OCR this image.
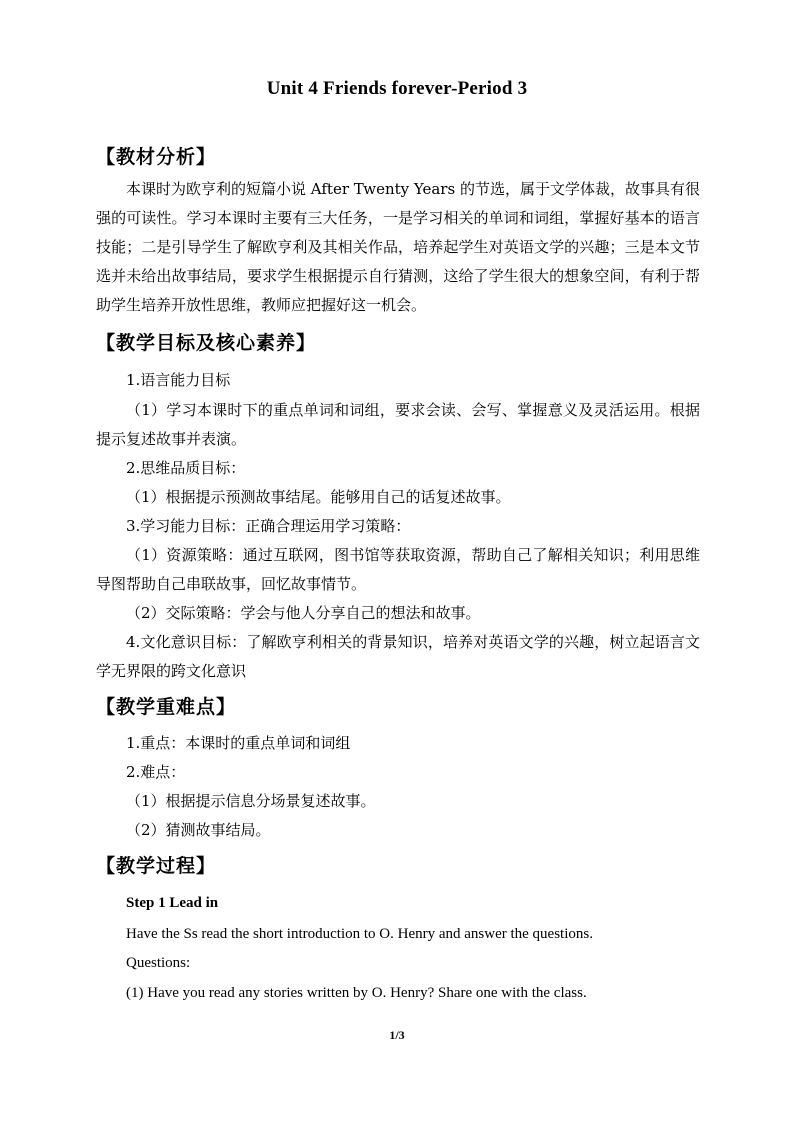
Unit 4 Friends forever-Period 3
【教材分析】
本课时为欧亨利的短篇小说 After Twenty Years 的节选，属于文学体裁，故事具有很强的可读性。学习本课时主要有三大任务，一是学习相关的单词和词组，掌握好基本的语言技能；二是引导学生了解欧亨利及其相关作品，培养起学生对英语文学的兴趣；三是本文节选并未给出故事结局，要求学生根据提示自行猜测，这给了学生很大的想象空间，有利于帮助学生培养开放性思维，教师应把握好这一机会。
【教学目标及核心素养】
1.语言能力目标
（1）学习本课时下的重点单词和词组，要求会读、会写、掌握意义及灵活运用。根据提示复述故事并表演。
2.思维品质目标：
（1）根据提示预测故事结尾。能够用自己的话复述故事。
3.学习能力目标：正确合理运用学习策略：
（1）资源策略：通过互联网，图书馆等获取资源，帮助自己了解相关知识；利用思维导图帮助自己串联故事，回忆故事情节。
（2）交际策略：学会与他人分享自己的想法和故事。
4.文化意识目标：了解欧亨利相关的背景知识，培养对英语文学的兴趣，树立起语言文学无界限的跨文化意识
【教学重难点】
1.重点：本课时的重点单词和词组
2.难点：
（1）根据提示信息分场景复述故事。
（2）猜测故事结局。
【教学过程】
Step 1 Lead in
Have the Ss read the short introduction to O. Henry and answer the questions.
Questions:
(1) Have you read any stories written by O. Henry? Share one with the class.
1/3
